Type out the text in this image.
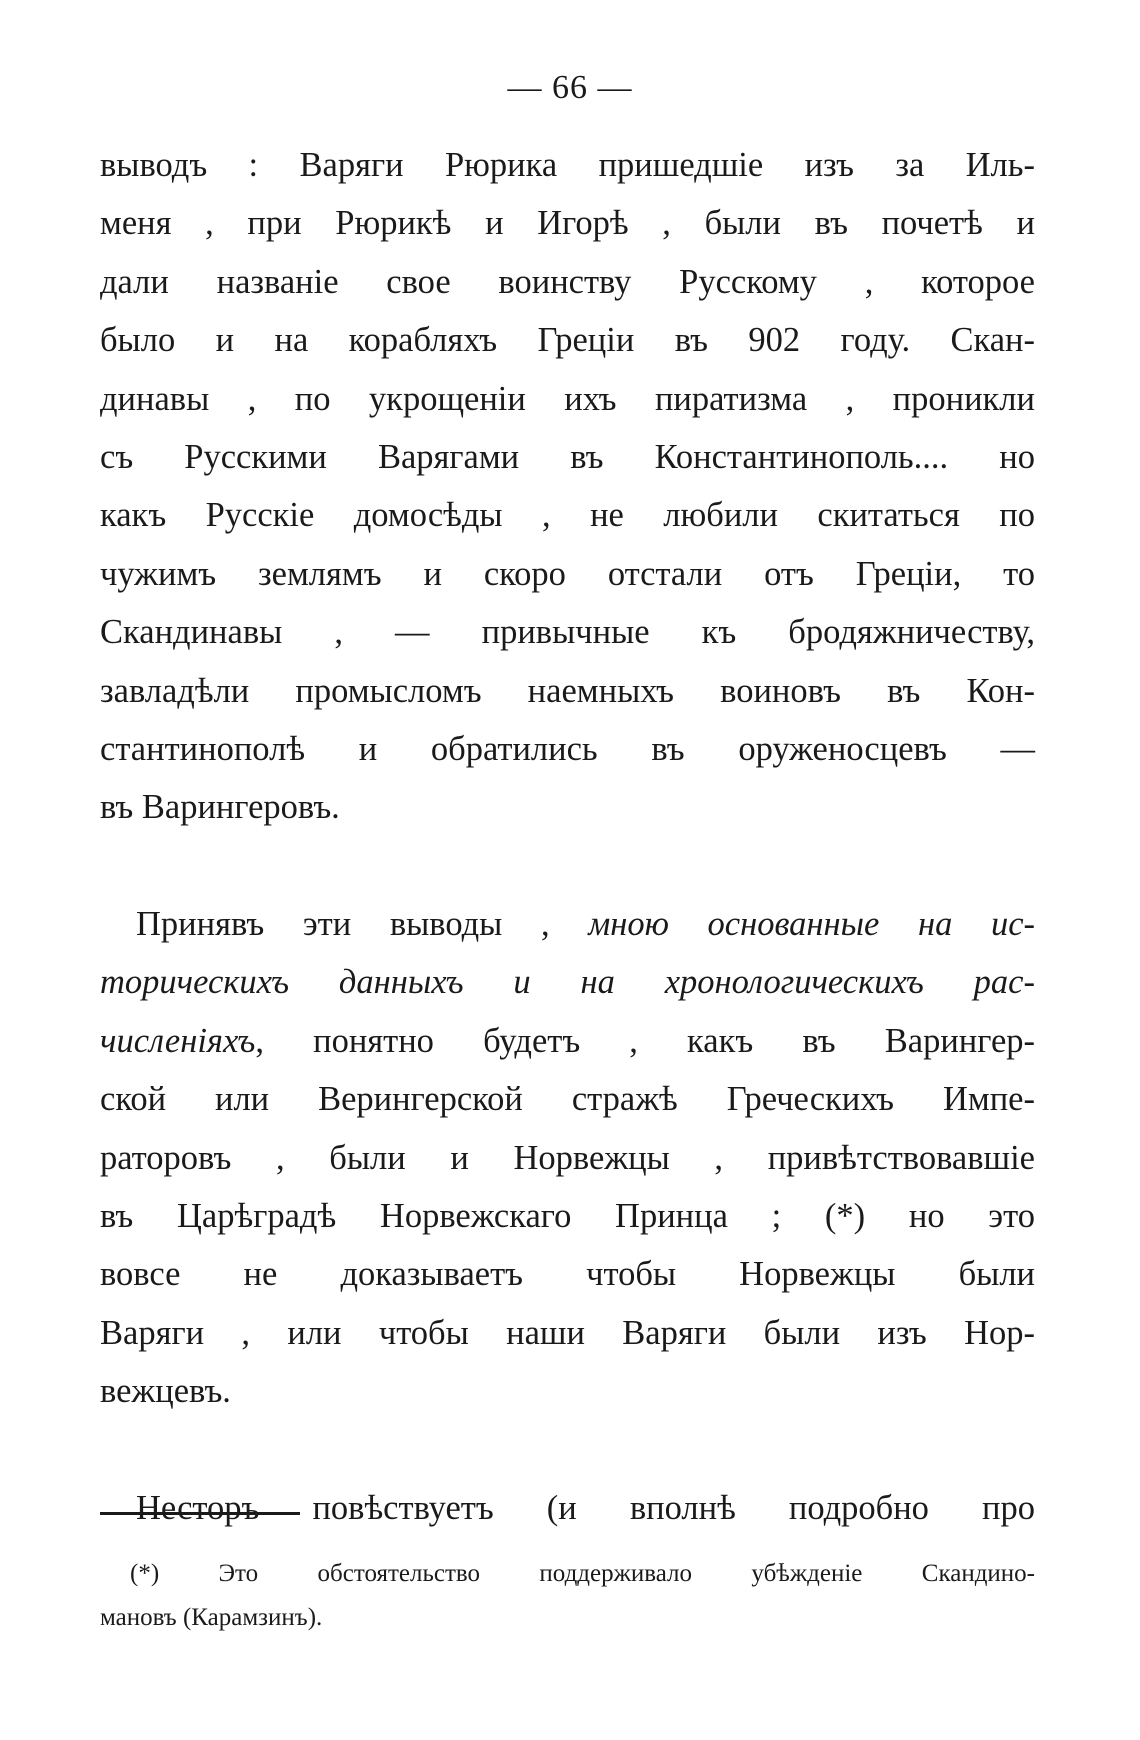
— 66 —
выводъ : Варяги Рюрика пришедшіе изъ за Иль-
меня , при Рюрикѣ и Игорѣ , были въ почетѣ и
дали названіе свое воинству Русскому , которое
было и на корабляхъ Греціи въ 902 году. Скан-
динавы , по укрощеніи ихъ пиратизма , проникли
съ Русскими Варягами въ Константинополь.... но
какъ Русскіе домосѣды , не любили скитаться по
чужимъ землямъ и скоро отстали отъ Греціи, то
Скандинавы , — привычные къ бродяжничеству,
завладѣли промысломъ наемныхъ воиновъ въ Кон-
стантинополѣ и обратились въ оруженосцевъ —
въ Варингеровъ.
Принявъ эти выводы , мною основанные на ис-
торическихъ данныхъ и на хронологическихъ рас-
численіяхъ, понятно будетъ , какъ въ Варингер-
ской или Верингерской стражѣ Греческихъ Импе-
раторовъ , были и Норвежцы , привѣтствовавшіе
въ Царѣградѣ Норвежскаго Принца ; (*) но это
вовсе не доказываетъ чтобы Норвежцы были
Варяги , или чтобы наши Варяги были изъ Нор-
вежцевъ.
Несторъ повѣствуетъ (и вполнѣ подробно про
(*) Это обстоятельство поддерживало убѣжденіе Скандино-
мановъ (Карамзинъ).
